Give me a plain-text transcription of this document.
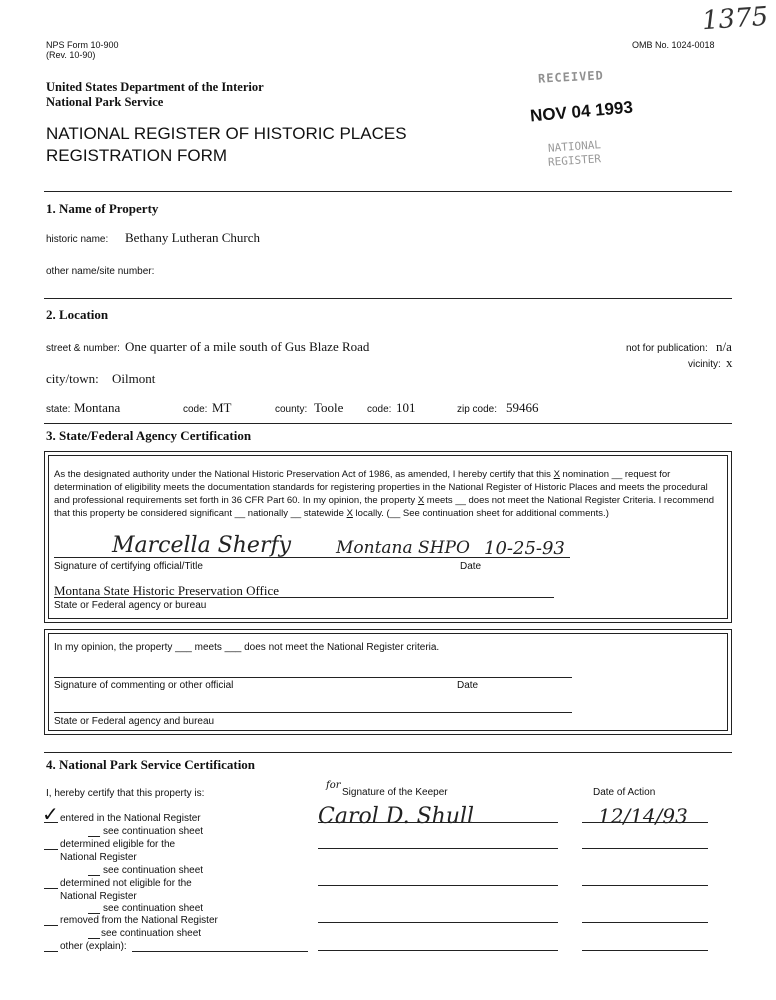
NPS Form 10-900
(Rev. 10-90)
OMB No. 1024-0018
1375
United States Department of the Interior
National Park Service
NATIONAL REGISTER OF HISTORIC PLACES
REGISTRATION FORM
RECEIVED
NOV 04 1993
NATIONAL
REGISTER
1. Name of Property
historic name: Bethany Lutheran Church
other name/site number:
2. Location
street & number: One quarter of a mile south of Gus Blaze Road	not for publication: n/a
vicinity: x
city/town: Oilmont
state: Montana	code: MT	county: Toole code: 101	zip code: 59466
3. State/Federal Agency Certification
As the designated authority under the National Historic Preservation Act of 1986, as amended, I hereby certify that this X nomination __ request for determination of eligibility meets the documentation standards for registering properties in the National Register of Historic Places and meets the procedural and professional requirements set forth in 36 CFR Part 60. In my opinion, the property X meets __ does not meet the National Register Criteria. I recommend that this property be considered significant __ nationally __ statewide X locally. (__ See continuation sheet for additional comments.)
Marcella Sherfy	Montana SHPO 10-25-93
Signature of certifying official/Title	Date
Montana State Historic Preservation Office
State or Federal agency or bureau
In my opinion, the property ___ meets ___ does not meet the National Register criteria.
Signature of commenting or other official	Date
State or Federal agency and bureau
4. National Park Service Certification
I, hereby certify that this property is:
for
Signature of the Keeper	Date of Action
Carol D. Shull	12/14/93
✓ entered in the National Register
see continuation sheet
determined eligible for the
National Register
see continuation sheet
determined not eligible for the
National Register
see continuation sheet
removed from the National Register
see continuation sheet
other (explain):
